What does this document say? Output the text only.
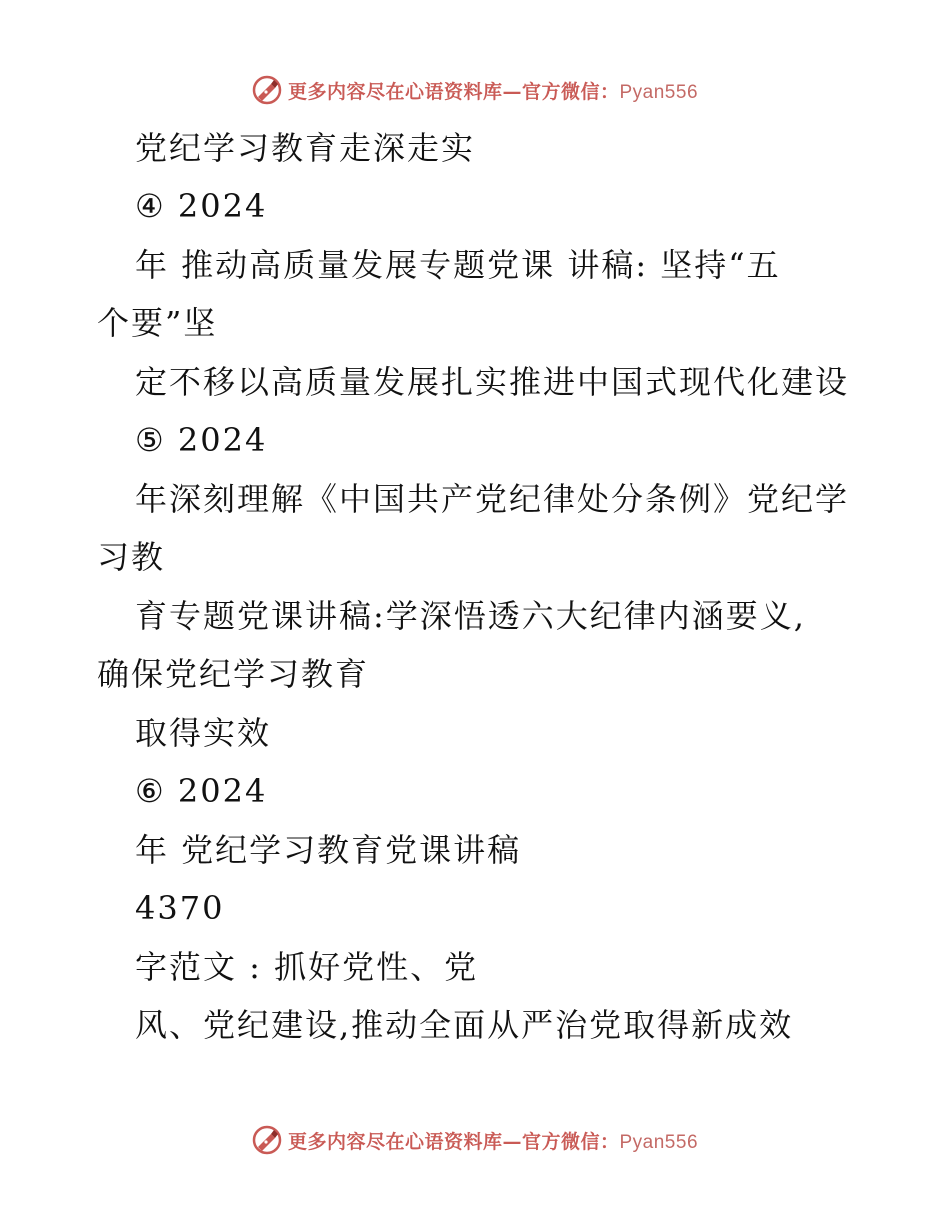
更多内容尽在心语资料库—官方微信：Pyan556
党纪学习教育走深走实
④ 2024
年 推动高质量发展专题党课 讲稿: 坚持“五
个要”坚
定不移以高质量发展扎实推进中国式现代化建设
⑤ 2024
年深刻理解《中国共产党纪律处分条例》党纪学
习教
育专题党课讲稿:学深悟透六大纪律内涵要义,
确保党纪学习教育
取得实效
⑥ 2024
年 党纪学习教育党课讲稿
4370
字范文 : 抓好党性、党
风、党纪建设,推动全面从严治党取得新成效
更多内容尽在心语资料库—官方微信：Pyan556
